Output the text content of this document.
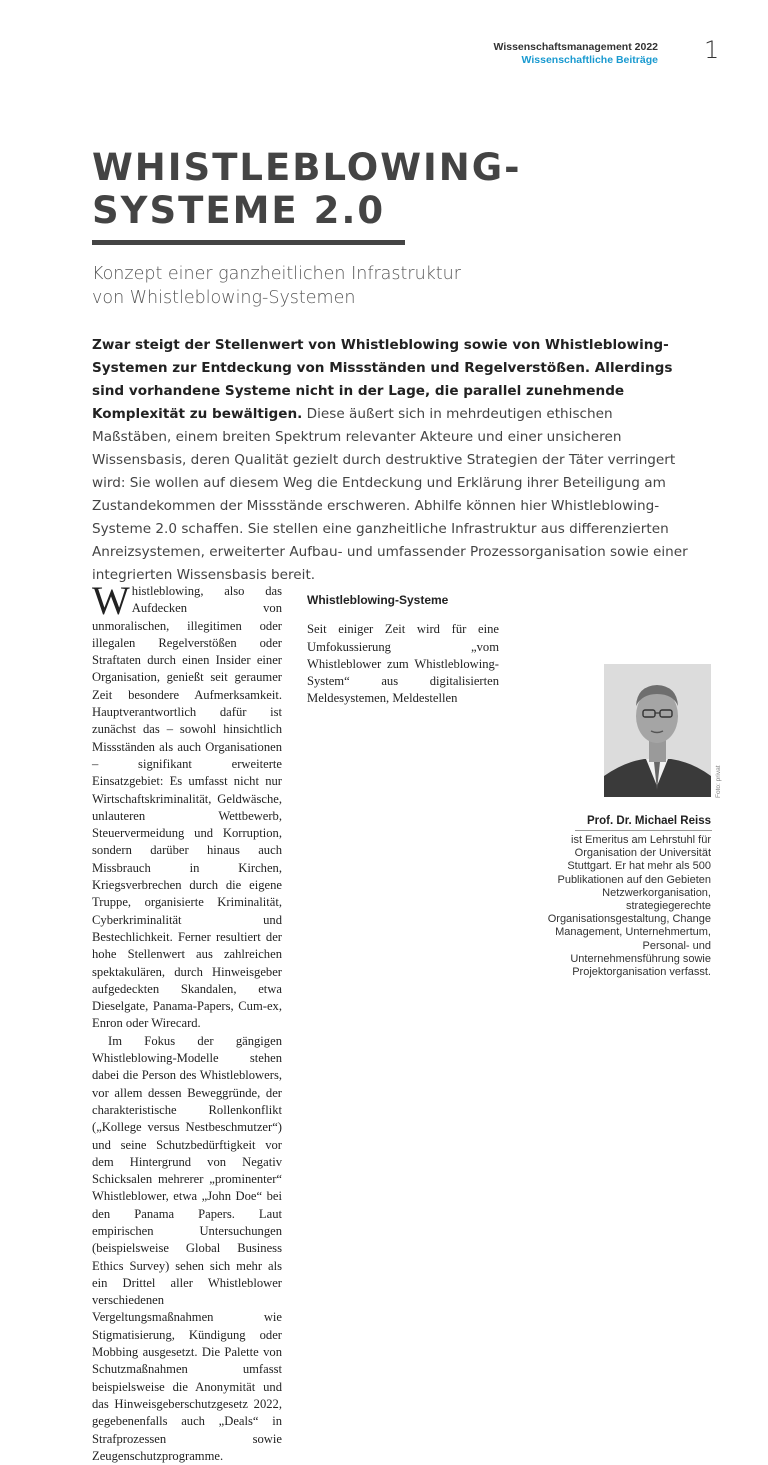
Wissenschaftsmanagement 2022
Wissenschaftliche Beiträge 1
WHISTLEBLOWING-
SYSTEME 2.0
Konzept einer ganzheitlichen Infrastruktur
von Whistleblowing-Systemen

Zwar steigt der Stellenwert von Whistleblowing sowie von Whistleblowing-Systemen zur Entdeckung von Missständen und Regelverstößen. Allerdings sind vorhandene Systeme nicht in der Lage, die parallel zunehmende Komplexität zu bewältigen. Diese äußert sich in mehrdeutigen ethischen Maßstäben, einem breiten Spektrum relevanter Akteure und einer unsicheren Wissensbasis, deren Qualität gezielt durch destruktive Strategien der Täter verringert wird: Sie wollen auf diesem Weg die Entdeckung und Erklärung ihrer Beteiligung am Zustandekommen der Missstände erschweren. Abhilfe können hier Whistleblowing-Systeme 2.0 schaffen. Sie stellen eine ganzheitliche Infrastruktur aus differenzierten Anreizsystemen, erweiterter Aufbau- und umfassender Prozessorganisation sowie einer integrierten Wissensbasis bereit.

Whistleblowing, also das Aufdecken von unmoralischen, illegitimen oder illegalen Regelverstößen oder Straftaten durch einen Insider einer Organisation, genießt seit geraumer Zeit besondere Aufmerksamkeit. Hauptverantwortlich dafür ist zunächst das – sowohl hinsichtlich Missständen als auch Organisationen – signifikant erweiterte Einsatzgebiet: Es umfasst nicht nur Wirtschaftskriminalität, Geldwäsche, unlauteren Wettbewerb, Steuervermeidung und Korruption, sondern darüber hinaus auch Missbrauch in Kirchen, Kriegsverbrechen durch die eigene Truppe, organisierte Kriminalität, Cyberkriminalität und Bestechlichkeit. Ferner resultiert der hohe Stellenwert aus zahlreichen spektakulären, durch Hinweisgeber aufgedeckten Skandalen, etwa Dieselgate, Panama-Papers, Cum-ex, Enron oder Wirecard.

Im Fokus der gängigen Whistleblowing-Modelle stehen dabei die Person des Whistleblowers, vor allem dessen Beweggründe, der charakteristische Rollenkonflikt („Kollege versus Nestbeschmutzer“) und seine Schutzbedürftigkeit vor dem Hintergrund von Negativ Schicksalen mehrerer „prominenter“ Whistleblower, etwa „John Doe“ bei den Panama Papers. Laut empirischen Untersuchungen (beispielsweise Global Business Ethics Survey) sehen sich mehr als ein Drittel aller Whistleblower verschiedenen Vergeltungsmaßnahmen wie Stigmatisierung, Kündigung oder Mobbing ausgesetzt. Die Palette von Schutzmaßnahmen umfasst beispielsweise die Anonymität und das Hinweisgeberschutzgesetz 2022, gegebenenfalls auch „Deals“ in Strafprozessen sowie Zeugenschutzprogramme.

Whistleblowing-Systeme

Seit einiger Zeit wird für eine Umfokussierung „vom Whistleblower zum Whistleblowing-System“ aus digitalisierten Meldesystemen, Meldestellen

Foto: privat
Prof. Dr. Michael Reiss
ist Emeritus am Lehrstuhl für Organisation der Universität Stuttgart. Er hat mehr als 500 Publikationen auf den Gebieten Netzwerkorganisation, strategiegerechte Organisationsgestaltung, Change Management, Unternehmertum, Personal- und Unternehmensführung sowie Projektorganisation verfasst.
